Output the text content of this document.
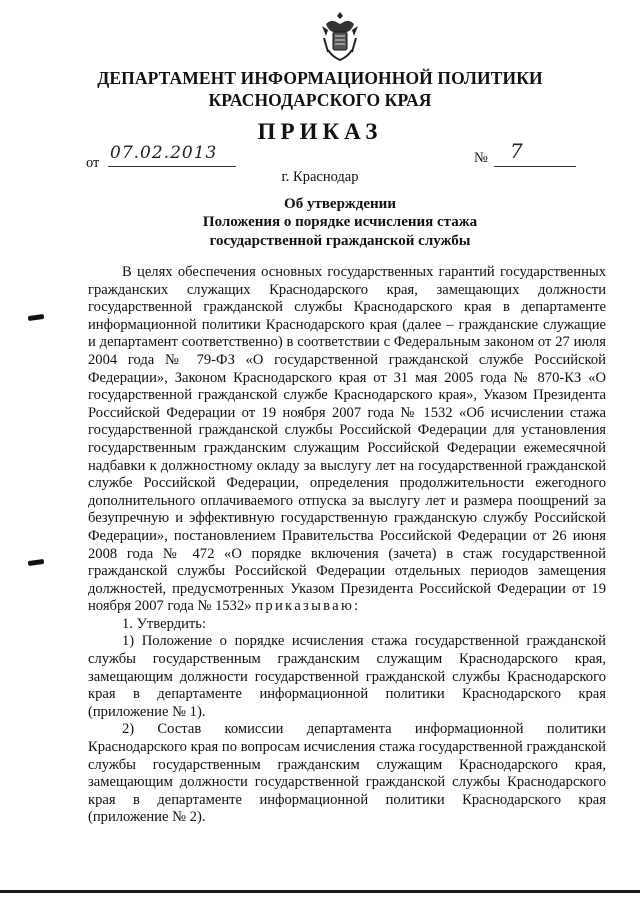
ДЕПАРТАМЕНТ ИНФОРМАЦИОННОЙ ПОЛИТИКИ
КРАСНОДАРСКОГО КРАЯ
ПРИКАЗ
от 07.02.2013	№ 7
г. Краснодар
Об утверждении
Положения о порядке исчисления стажа
государственной гражданской службы

В целях обеспечения основных государственных гарантий государственных гражданских служащих Краснодарского края, замещающих должности государственной гражданской службы Краснодарского края в департаменте информационной политики Краснодарского края (далее – гражданские служащие и департамент соответственно) в соответствии с Федеральным законом от 27 июля 2004 года № 79-ФЗ «О государственной гражданской службе Российской Федерации», Законом Краснодарского края от 31 мая 2005 года № 870-КЗ «О государственной гражданской службе Краснодарского края», Указом Президента Российской Федерации от 19 ноября 2007 года № 1532 «Об исчислении стажа государственной гражданской службы Российской Федерации для установления государственным гражданским служащим Российской Федерации ежемесячной надбавки к должностному окладу за выслугу лет на государственной гражданской службе Российской Федерации, определения продолжительности ежегодного дополнительного оплачиваемого отпуска за выслугу лет и размера поощрений за безупречную и эффективную государственную гражданскую службу Российской Федерации», постановлением Правительства Российской Федерации от 26 июня 2008 года № 472 «О порядке включения (зачета) в стаж государственной гражданской службы Российской Федерации отдельных периодов замещения должностей, предусмотренных Указом Президента Российской Федерации от 19 ноября 2007 года № 1532» приказываю:

1. Утвердить:

1) Положение о порядке исчисления стажа государственной гражданской службы государственным гражданским служащим Краснодарского края, замещающим должности государственной гражданской службы Краснодарского края в департаменте информационной политики Краснодарского края (приложение № 1).

2) Состав комиссии департамента информационной политики Краснодарского края по вопросам исчисления стажа государственной гражданской службы государственным гражданским служащим Краснодарского края, замещающим должности государственной гражданской службы Краснодарского края в департаменте информационной политики Краснодарского края (приложение № 2).
